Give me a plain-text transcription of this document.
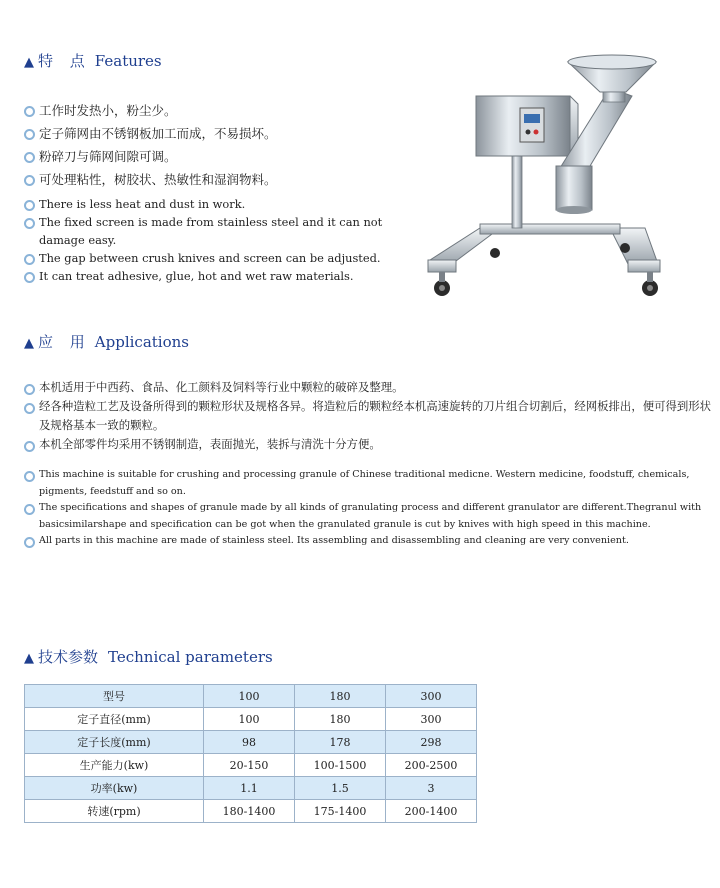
▲ 特 点 Features
工作时发热小，粉尘少。
定子筛网由不锈钢板加工而成，不易损坏。
粉碎刀与筛网间隙可调。
可处理粘性，树胶状、热敏性和湿润物料。
There is less heat and dust in work.
The fixed screen is made from stainless steel and it can not damage easy.
The gap between crush knives and screen can be adjusted.
It can treat adhesive, glue, hot and wet raw materials.
▲ 应 用 Applications
本机适用于中西药、食品、化工颜料及饲料等行业中颗粒的破碎及整理。
经各种造粒工艺及设备所得到的颗粒形状及规格各异。将造粒后的颗粒经本机高速旋转的刀片组合切割后，经网板排出，便可得到形状及规格基本一致的颗粒。
本机全部零件均采用不锈钢制造，表面抛光，装拆与清洗十分方便。
This machine is suitable for crushing and processing granule of Chinese traditional medicne. Western medicine, foodstuff, chemicals, pigments, feedstuff and so on.
The specifications and shapes of granule made by all kinds of granulating process and different granulator are different.Thegranul with basicsimilarshape and specification can be got when the granulated granule is cut by knives with high speed in this machine.
All parts in this machine are made of stainless steel. Its assembling and disassembling and cleaning are very convenient.
▲ 技术参数 Technical parameters
型号	100	180	300
定子直径(mm)	100	180	300
定子长度(mm)	98	178	298
生产能力(kw)	20-150	100-1500	200-2500
功率(kw)	1.1	1.5	3
转速(rpm)	180-1400	175-1400	200-1400
